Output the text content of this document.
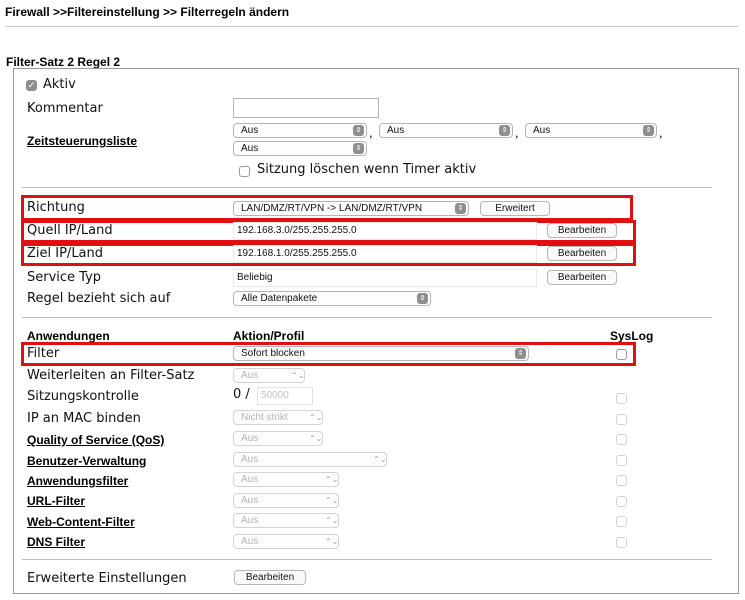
Firewall >>Filtereinstellung >> Filterregeln ändern
Filter-Satz 2 Regel 2
✓ Aktiv
Kommentar
Zeitsteuerungsliste
Aus	⇕ ,	Aus	⇕ ,	Aus	⇕ ,
Aus	⇕
Sitzung löschen wenn Timer aktiv
Richtung	LAN/DMZ/RT/VPN -> LAN/DMZ/RT/VPN	⇕	Erweitert
Quell IP/Land	192.168.3.0/255.255.255.0	Bearbeiten
Ziel IP/Land	192.168.1.0/255.255.255.0	Bearbeiten
Service Typ	Beliebig	Bearbeiten
Regel bezieht sich auf	Alle Datenpakete	⇕
Anwendungen	Aktion/Profil	SysLog
Filter	Sofort blocken	⇕
Weiterleiten an Filter-Satz	Aus	⌃⌄
Sitzungskontrolle	0 /	50000
IP an MAC binden	Nicht strikt	⌃⌄
Quality of Service (QoS)	Aus	⌃⌄
Benutzer-Verwaltung	Aus	⌃⌄
Anwendungsfilter	Aus	⌃⌄
URL-Filter	Aus	⌃⌄
Web-Content-Filter	Aus	⌃⌄
DNS Filter	Aus	⌃⌄
Erweiterte Einstellungen	Bearbeiten
